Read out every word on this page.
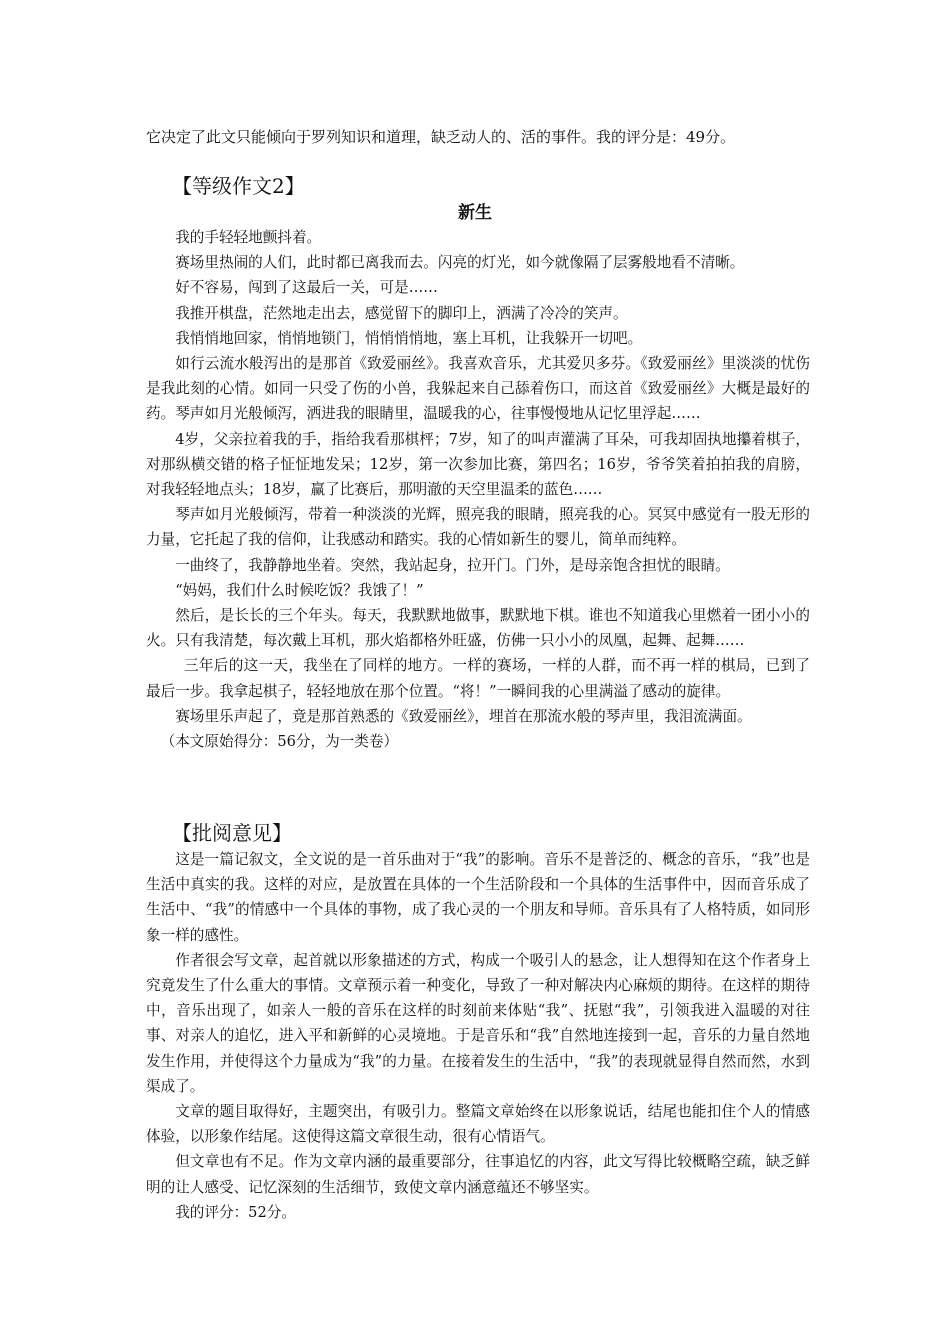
它决定了此文只能倾向于罗列知识和道理，缺乏动人的、活的事件。我的评分是：49分。
【等级作文2】
新生

我的手轻轻地颤抖着。

赛场里热闹的人们，此时都已离我而去。闪亮的灯光，如今就像隔了层雾般地看不清晰。

好不容易，闯到了这最后一关，可是……

我推开棋盘，茫然地走出去，感觉留下的脚印上，洒满了冷冷的笑声。

我悄悄地回家，悄悄地锁门，悄悄悄悄地，塞上耳机，让我躲开一切吧。

如行云流水般泻出的是那首《致爱丽丝》。我喜欢音乐，尤其爱贝多芬。《致爱丽丝》里淡淡的忧伤是我此刻的心情。如同一只受了伤的小兽，我躲起来自己舔着伤口，而这首《致爱丽丝》大概是最好的药。琴声如月光般倾泻，洒进我的眼睛里，温暖我的心，往事慢慢地从记忆里浮起……

4岁，父亲拉着我的手，指给我看那棋枰；7岁，知了的叫声灌满了耳朵，可我却固执地攥着棋子，对那纵横交错的格子怔怔地发呆；12岁，第一次参加比赛，第四名；16岁，爷爷笑着拍拍我的肩膀，对我轻轻地点头；18岁，赢了比赛后，那明澈的天空里温柔的蓝色……

琴声如月光般倾泻，带着一种淡淡的光辉，照亮我的眼睛，照亮我的心。冥冥中感觉有一股无形的力量，它托起了我的信仰，让我感动和踏实。我的心情如新生的婴儿，简单而纯粹。

一曲终了，我静静地坐着。突然，我站起身，拉开门。门外，是母亲饱含担忧的眼睛。

“妈妈，我们什么时候吃饭？我饿了！”

然后，是长长的三个年头。每天，我默默地做事，默默地下棋。谁也不知道我心里燃着一团小小的火。只有我清楚，每次戴上耳机，那火焰都格外旺盛，仿佛一只小小的凤凰，起舞、起舞……

三年后的这一天，我坐在了同样的地方。一样的赛场，一样的人群，而不再一样的棋局，已到了最后一步。我拿起棋子，轻轻地放在那个位置。“将！”一瞬间我的心里满溢了感动的旋律。

赛场里乐声起了，竟是那首熟悉的《致爱丽丝》，埋首在那流水般的琴声里，我泪流满面。

（本文原始得分：56分，为一类卷）

【批阅意见】

这是一篇记叙文，全文说的是一首乐曲对于“我”的影响。音乐不是普泛的、概念的音乐，“我”也是生活中真实的我。这样的对应，是放置在具体的一个生活阶段和一个具体的生活事件中，因而音乐成了生活中、“我”的情感中一个具体的事物，成了我心灵的一个朋友和导师。音乐具有了人格特质，如同形象一样的感性。

作者很会写文章，起首就以形象描述的方式，构成一个吸引人的悬念，让人想得知在这个作者身上究竟发生了什么重大的事情。文章预示着一种变化，导致了一种对解决内心麻烦的期待。在这样的期待中，音乐出现了，如亲人一般的音乐在这样的时刻前来体贴“我”、抚慰“我”，引领我进入温暖的对往事、对亲人的追忆，进入平和新鲜的心灵境地。于是音乐和“我”自然地连接到一起，音乐的力量自然地发生作用，并使得这个力量成为“我”的力量。在接着发生的生活中，“我”的表现就显得自然而然，水到渠成了。

文章的题目取得好，主题突出，有吸引力。整篇文章始终在以形象说话，结尾也能扣住个人的情感体验，以形象作结尾。这使得这篇文章很生动，很有心情语气。

但文章也有不足。作为文章内涵的最重要部分，往事追忆的内容，此文写得比较概略空疏，缺乏鲜明的让人感受、记忆深刻的生活细节，致使文章内涵意蕴还不够坚实。

我的评分：52分。
